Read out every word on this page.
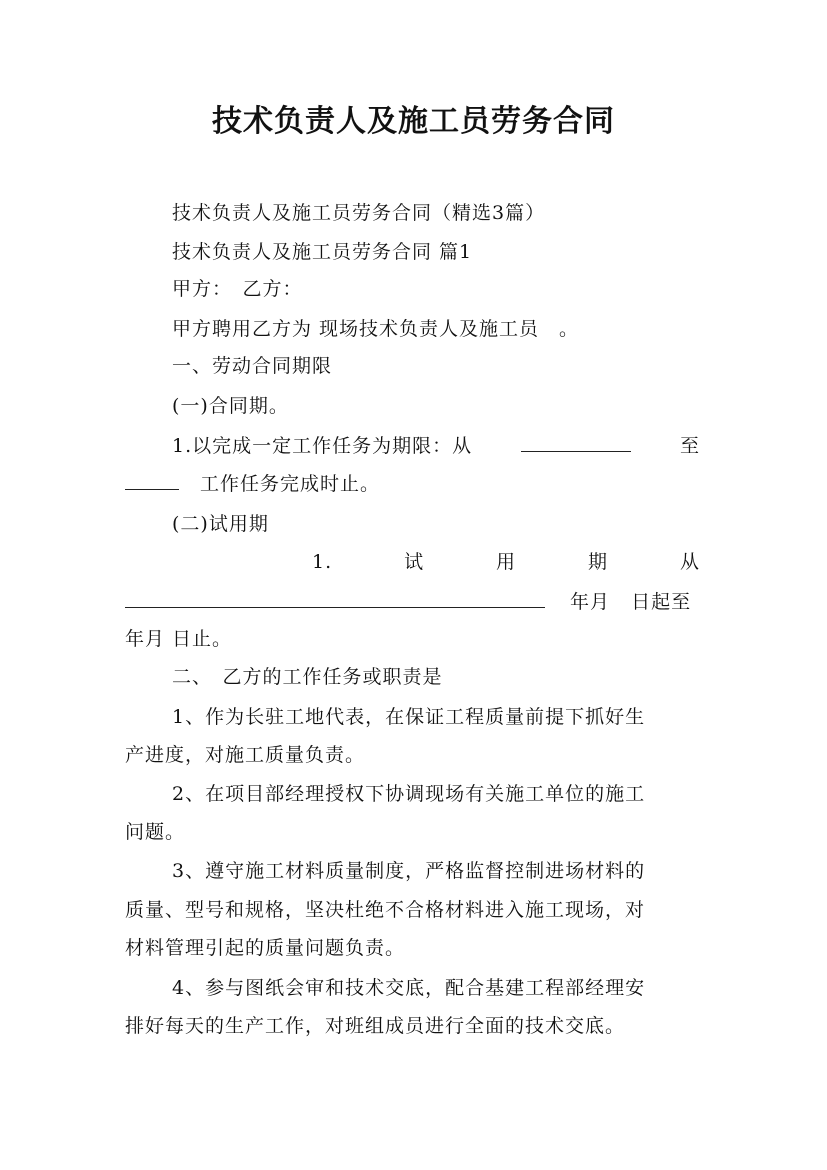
技术负责人及施工员劳务合同
技术负责人及施工员劳务合同（精选3篇）
技术负责人及施工员劳务合同 篇1
甲方：　乙方：
甲方聘用乙方为 现场技术负责人及施工员　。
一、劳动合同期限
(一)合同期。
1.以完成一定工作任务为期限：从	至
工作任务完成时止。
(二)试用期
1.	试	用	期	从
年月 日起至
年月 日止。
二、　乙方的工作任务或职责是
1、作为长驻工地代表，在保证工程质量前提下抓好生
产进度，对施工质量负责。
2、在项目部经理授权下协调现场有关施工单位的施工
问题。
3、遵守施工材料质量制度，严格监督控制进场材料的
质量、型号和规格，坚决杜绝不合格材料进入施工现场，对
材料管理引起的质量问题负责。
4、参与图纸会审和技术交底，配合基建工程部经理安
排好每天的生产工作，对班组成员进行全面的技术交底。
